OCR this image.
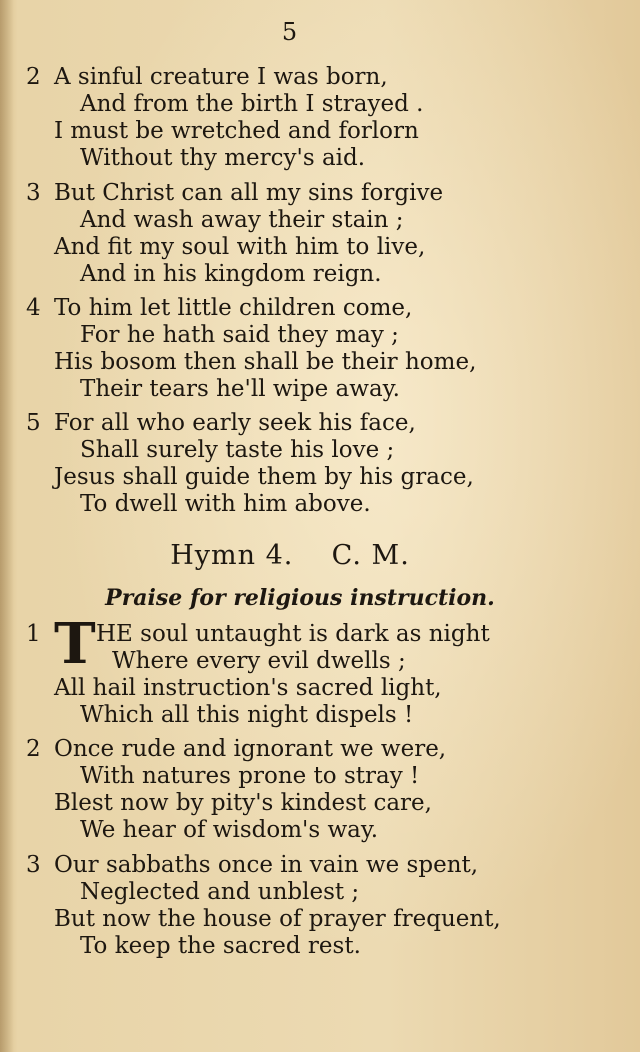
5
2 A sinful creature I was born,
And from the birth I strayed .
I must be wretched and forlorn
Without thy mercy's aid.
3 But Christ can all my sins forgive
And wash away their stain ;
And fit my soul with him to live,
And in his kingdom reign.
4 To him let little children come,
For he hath said they may ;
His bosom then shall be their home,
Their tears he'll wipe away.
5 For all who early seek his face,
Shall surely taste his love ;
Jesus shall guide them by his grace,
To dwell with him above.
Hymn 4.    C. M.
Praise for religious instruction.
1 T HE soul untaught is dark as night
Where every evil dwells ;
All hail instruction's sacred light,
Which all this night dispels !
2 Once rude and ignorant we were,
With natures prone to stray !
Blest now by pity's kindest care,
We hear of wisdom's way.
3 Our sabbaths once in vain we spent,
Neglected and unblest ;
But now the house of prayer frequent,
To keep the sacred rest.
